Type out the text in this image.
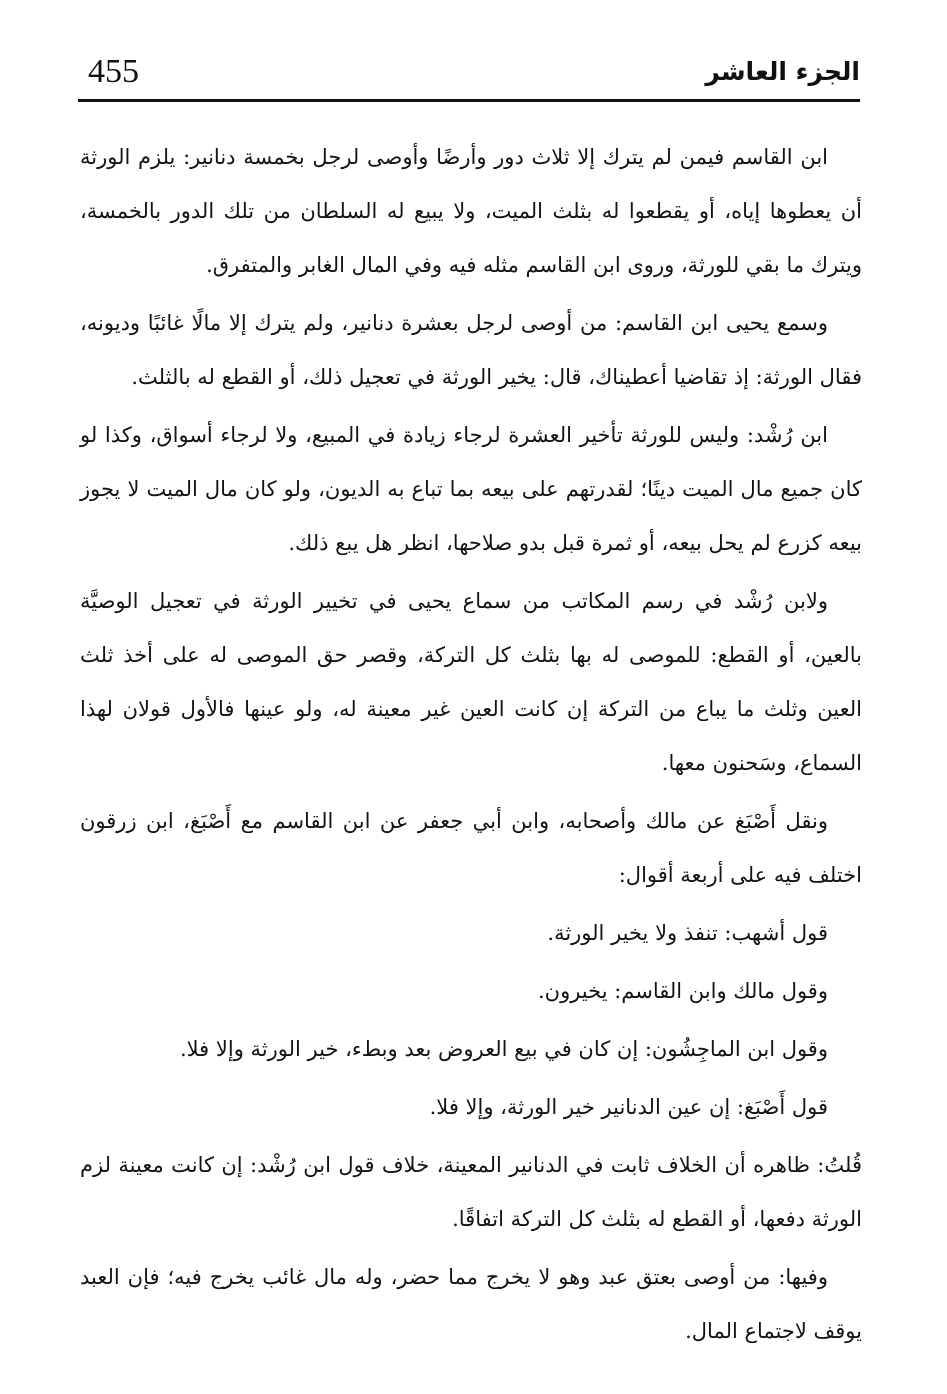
455	الجزء العاشر

ابن القاسم فيمن لم يترك إلا ثلاث دور وأرضًا وأوصى لرجل بخمسة دنانير: يلزم الورثة أن يعطوها إياه، أو يقطعوا له بثلث الميت، ولا يبيع له السلطان من تلك الدور بالخمسة، ويترك ما بقي للورثة، وروى ابن القاسم مثله فيه وفي المال الغابر والمتفرق.

وسمع يحيى ابن القاسم: من أوصى لرجل بعشرة دنانير، ولم يترك إلا مالًا غائبًا وديونه، فقال الورثة: إذ تقاضيا أعطيناك، قال: يخير الورثة في تعجيل ذلك، أو القطع له بالثلث.

ابن رُشْد: وليس للورثة تأخير العشرة لرجاء زيادة في المبيع، ولا لرجاء أسواق، وكذا لو كان جميع مال الميت دينًا؛ لقدرتهم على بيعه بما تباع به الديون، ولو كان مال الميت لا يجوز بيعه كزرع لم يحل بيعه، أو ثمرة قبل بدو صلاحها، انظر هل يبع ذلك.

ولابن رُشْد في رسم المكاتب من سماع يحيى في تخيير الورثة في تعجيل الوصيَّة بالعين، أو القطع: للموصى له بها بثلث كل التركة، وقصر حق الموصى له على أخذ ثلث العين وثلث ما يباع من التركة إن كانت العين غير معينة له، ولو عينها فالأول قولان لهذا السماع، وسَحنون معها.

ونقل أَصْبَغ عن مالك وأصحابه، وابن أبي جعفر عن ابن القاسم مع أَصْبَغ، ابن زرقون اختلف فيه على أربعة أقوال:

قول أشهب: تنفذ ولا يخير الورثة.

وقول مالك وابن القاسم: يخيرون.

وقول ابن الماجِشُون: إن كان في بيع العروض بعد وبطء، خير الورثة وإلا فلا.

قول أَصْبَغ: إن عين الدنانير خير الورثة، وإلا فلا.

قُلتُ: ظاهره أن الخلاف ثابت في الدنانير المعينة، خلاف قول ابن رُشْد: إن كانت معينة لزم الورثة دفعها، أو القطع له بثلث كل التركة اتفاقًا.

وفيها: من أوصى بعتق عبد وهو لا يخرج مما حضر، وله مال غائب يخرج فيه؛ فإن العبد يوقف لاجتماع المال.
